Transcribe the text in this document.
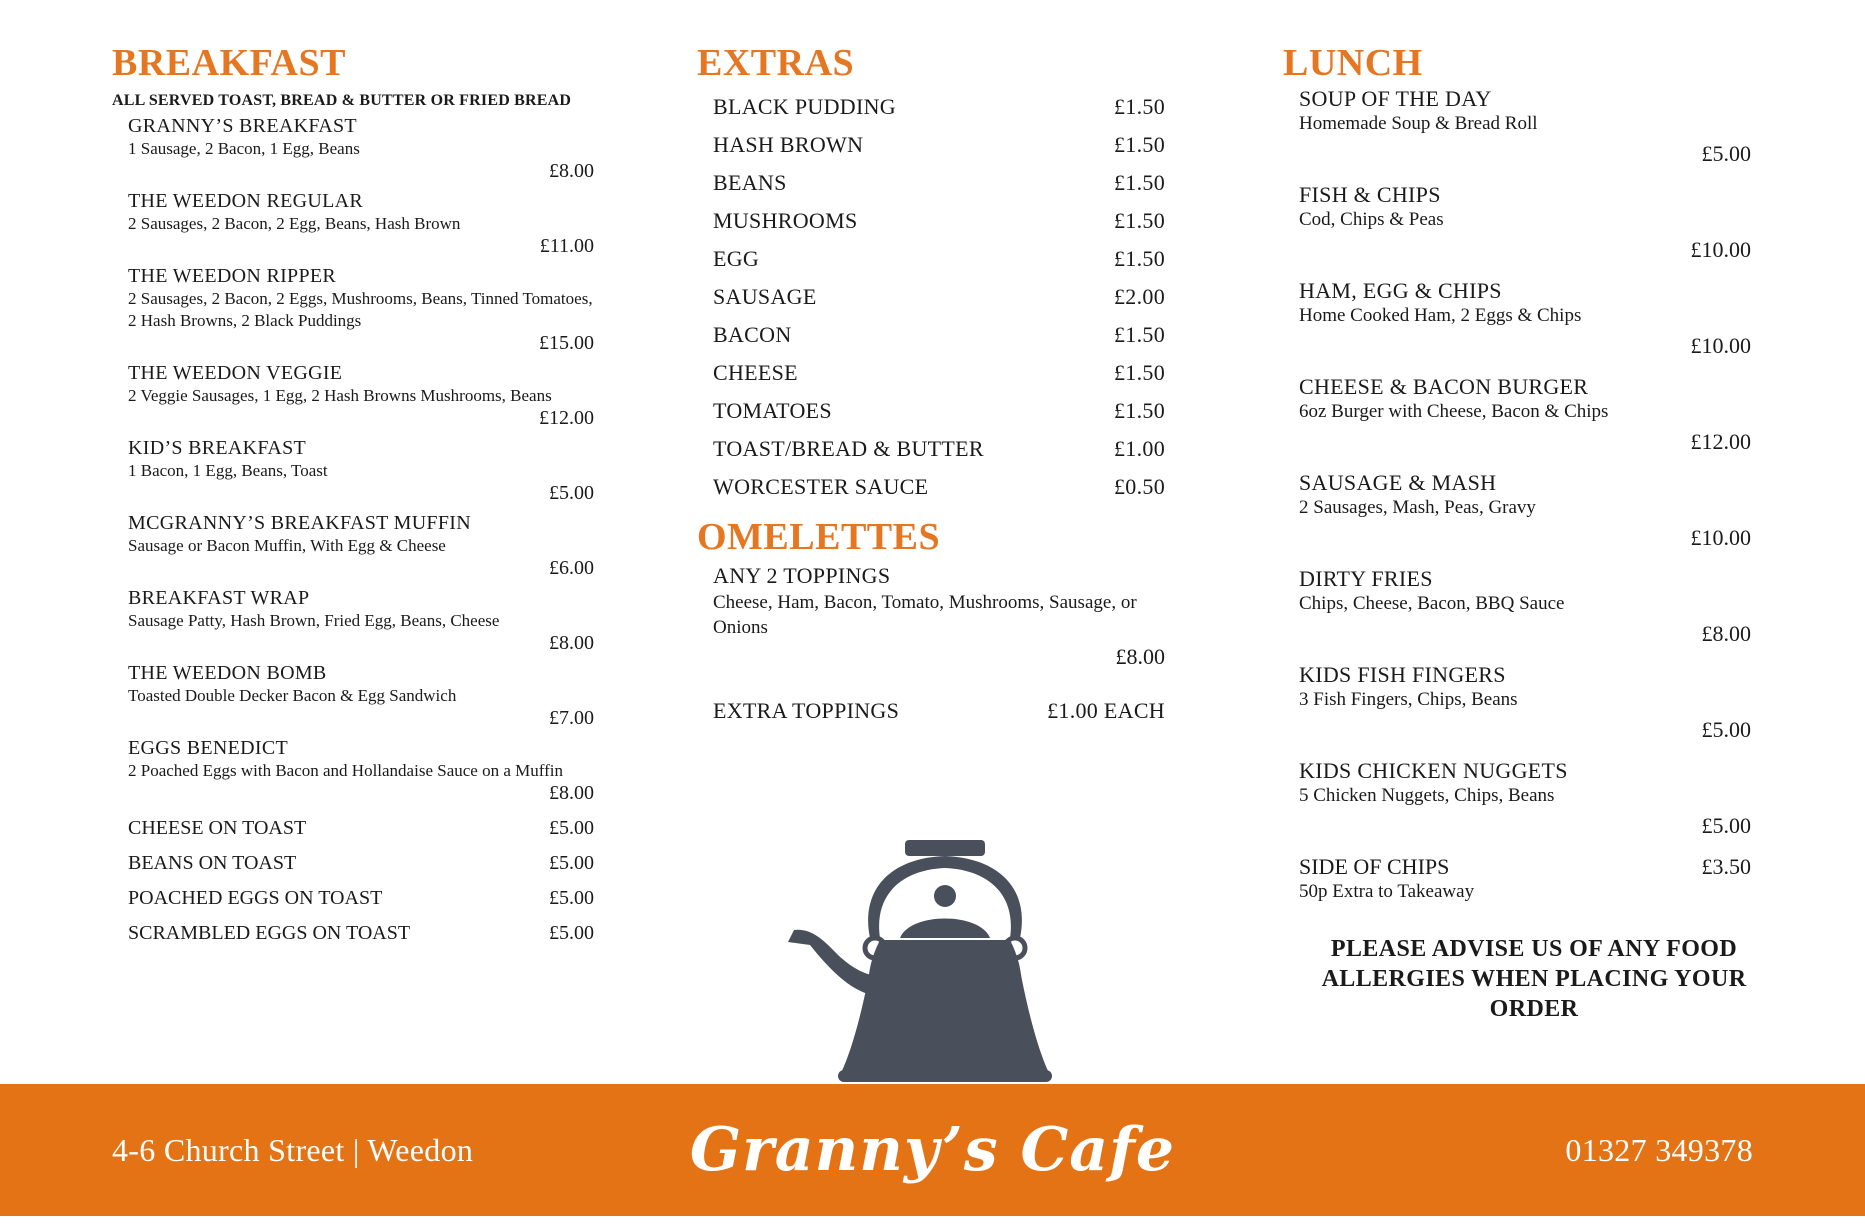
BREAKFAST
ALL SERVED TOAST, BREAD & BUTTER OR FRIED BREAD
GRANNY’S BREAKFAST
1 Sausage, 2 Bacon, 1 Egg, Beans
£8.00
THE WEEDON REGULAR
2 Sausages, 2 Bacon, 2 Egg, Beans, Hash Brown
£11.00
THE WEEDON RIPPER
2 Sausages, 2 Bacon, 2 Eggs, Mushrooms, Beans, Tinned Tomatoes, 2 Hash Browns, 2 Black Puddings
£15.00
THE WEEDON VEGGIE
2 Veggie Sausages, 1 Egg, 2 Hash Browns Mushrooms, Beans
£12.00
KID’S BREAKFAST
1 Bacon, 1 Egg, Beans, Toast
£5.00
MCGRANNY’S BREAKFAST MUFFIN
Sausage or Bacon Muffin, With Egg & Cheese
£6.00
BREAKFAST WRAP
Sausage Patty, Hash Brown, Fried Egg, Beans, Cheese
£8.00
THE WEEDON BOMB
Toasted Double Decker Bacon & Egg Sandwich
£7.00
EGGS BENEDICT
2 Poached Eggs with Bacon and Hollandaise Sauce on a Muffin
£8.00
CHEESE ON TOAST	£5.00
BEANS ON TOAST	£5.00
POACHED EGGS ON TOAST	£5.00
SCRAMBLED EGGS ON TOAST	£5.00
EXTRAS
BLACK PUDDING	£1.50
HASH BROWN	£1.50
BEANS	£1.50
MUSHROOMS	£1.50
EGG	£1.50
SAUSAGE	£2.00
BACON	£1.50
CHEESE	£1.50
TOMATOES	£1.50
TOAST/BREAD & BUTTER	£1.00
WORCESTER SAUCE	£0.50
OMELETTES
ANY 2 TOPPINGS
Cheese, Ham, Bacon, Tomato, Mushrooms, Sausage, or Onions
£8.00
EXTRA TOPPINGS	£1.00 EACH
LUNCH
SOUP OF THE DAY
Homemade Soup & Bread Roll
£5.00
FISH & CHIPS
Cod, Chips & Peas
£10.00
HAM, EGG & CHIPS
Home Cooked Ham, 2 Eggs & Chips
£10.00
CHEESE & BACON BURGER
6oz Burger with Cheese, Bacon & Chips
£12.00
SAUSAGE & MASH
2 Sausages, Mash, Peas, Gravy
£10.00
DIRTY FRIES
Chips, Cheese, Bacon, BBQ Sauce
£8.00
KIDS FISH FINGERS
3 Fish Fingers, Chips, Beans
£5.00
KIDS CHICKEN NUGGETS
5 Chicken Nuggets, Chips, Beans
£5.00
SIDE OF CHIPS	£3.50
50p Extra to Takeaway
PLEASE ADVISE US OF ANY FOOD ALLERGIES WHEN PLACING YOUR ORDER
4-6 Church Street | Weedon	Granny’s Cafe	01327 349378
